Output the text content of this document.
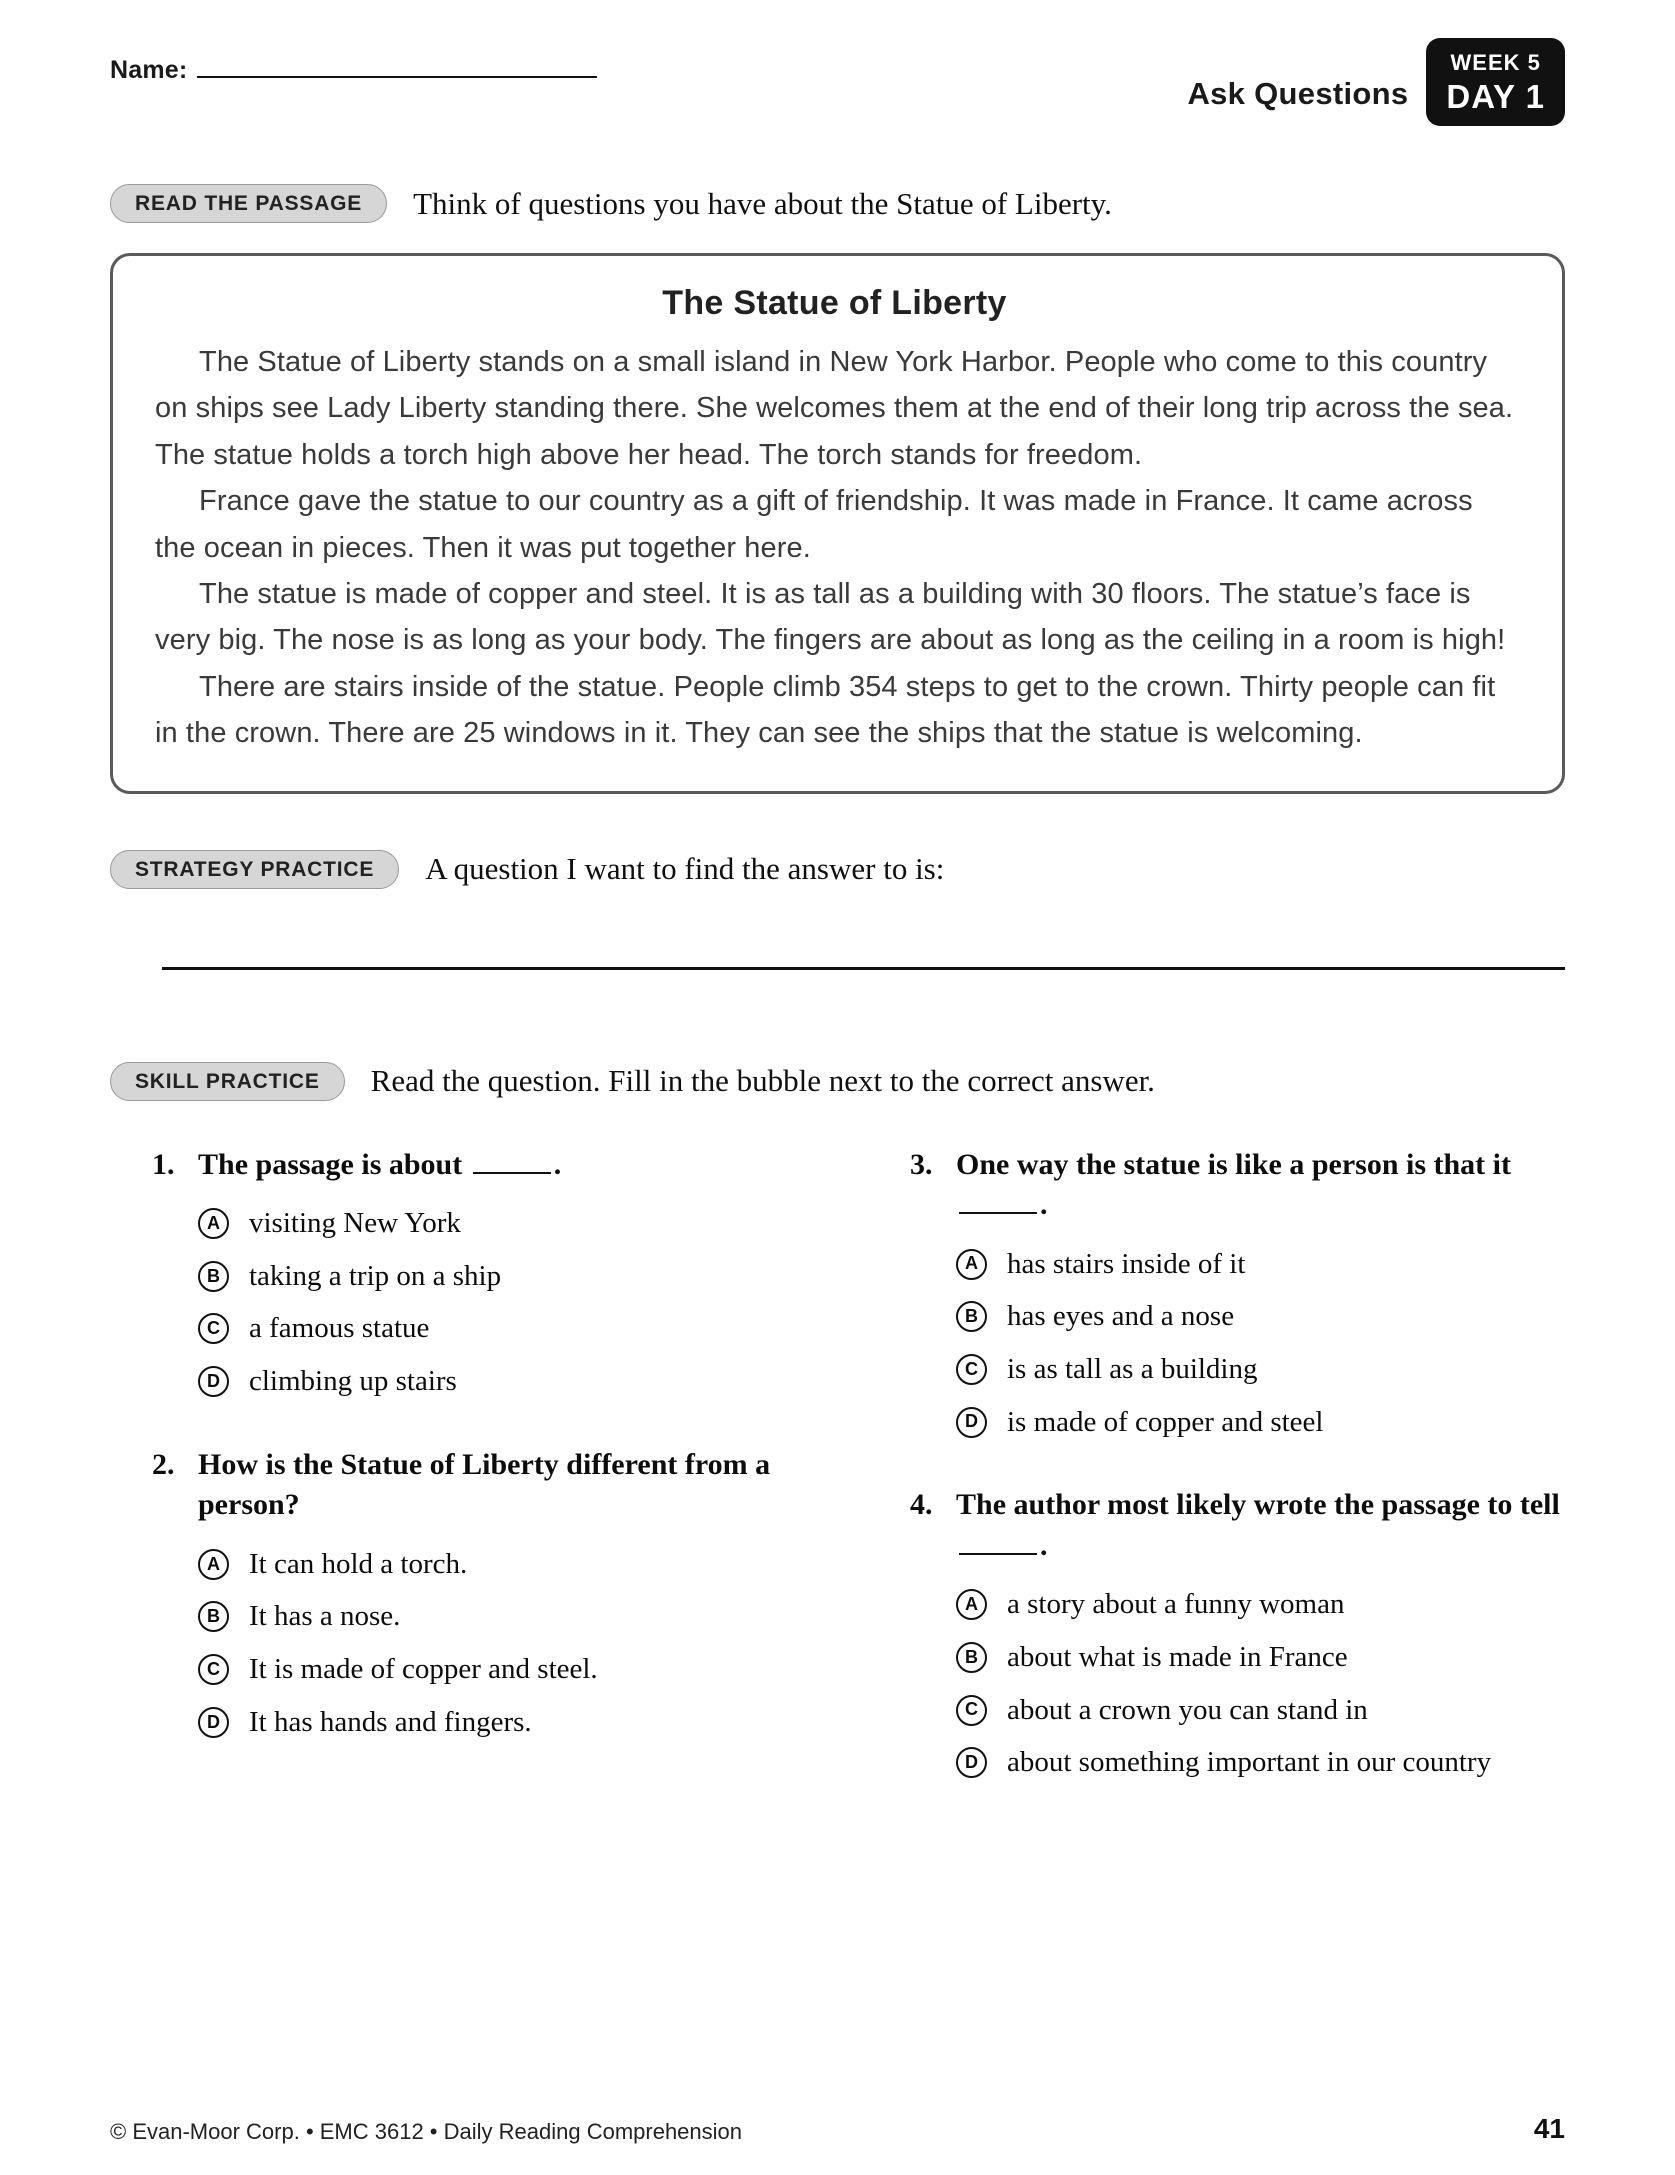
Name:
Ask Questions
WEEK 5
DAY 1
READ THE PASSAGE	Think of questions you have about the Statue of Liberty.
The Statue of Liberty

The Statue of Liberty stands on a small island in New York Harbor. People who come to this country on ships see Lady Liberty standing there. She welcomes them at the end of their long trip across the sea. The statue holds a torch high above her head. The torch stands for freedom.

France gave the statue to our country as a gift of friendship. It was made in France. It came across the ocean in pieces. Then it was put together here.

The statue is made of copper and steel. It is as tall as a building with 30 floors. The statue’s face is very big. The nose is as long as your body. The fingers are about as long as the ceiling in a room is high!

There are stairs inside of the statue. People climb 354 steps to get to the crown. Thirty people can fit in the crown. There are 25 windows in it. They can see the ships that the statue is welcoming.

STRATEGY PRACTICE	A question I want to find the answer to is:
SKILL PRACTICE	Read the question. Fill in the bubble next to the correct answer.
1. The passage is about	.
A	visiting New York
B	taking a trip on a ship
C	a famous statue
D	climbing up stairs
2. How is the Statue of Liberty different from a person?
A	It can hold a torch.
B	It has a nose.
C	It is made of copper and steel.
D	It has hands and fingers.
3. One way the statue is like a person is that it .
A	has stairs inside of it
B	has eyes and a nose
C	is as tall as a building
D	is made of copper and steel
4. The author most likely wrote the passage to tell .
A	a story about a funny woman
B	about what is made in France
C	about a crown you can stand in
D	about something important in our country
© Evan-Moor Corp. • EMC 3612 • Daily Reading Comprehension	41
